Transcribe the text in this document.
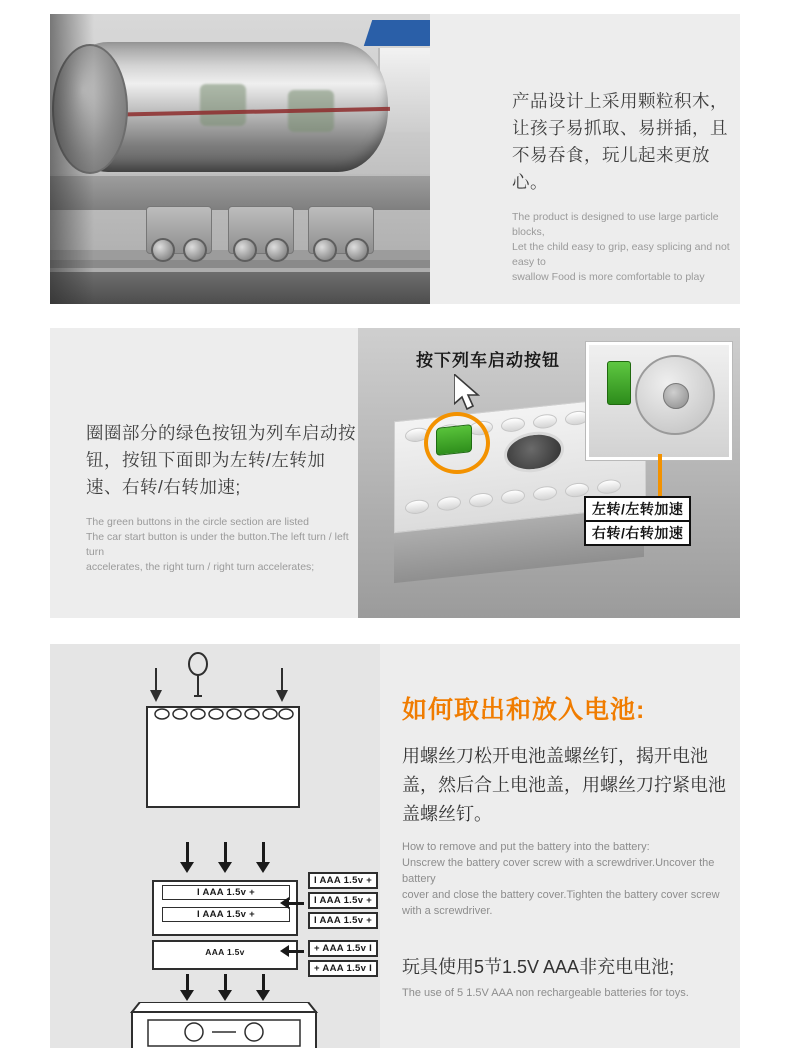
产品设计上采用颗粒积木，让孩子易抓取、易拼插，且不易吞食，玩儿起来更放心。
The product is designed to use large particle blocks,
Let the child easy to grip, easy splicing and not easy to
swallow Food is more comfortable to play
圈圈部分的绿色按钮为列车启动按钮，按钮下面即为左转/左转加速、右转/右转加速;
The green buttons in the circle section are listed
The car start button is under the button.The left turn / left turn
accelerates, the right turn / right turn accelerates;
按下列车启动按钮
左转/左转加速
右转/右转加速
I AAA 1.5v +
I AAA 1.5v +
AAA 1.5v
I AAA 1.5v +
I AAA 1.5v +
I AAA 1.5v +
+ AAA 1.5v I
+ AAA 1.5v I
如何取出和放入电池:
用螺丝刀松开电池盖螺丝钉，揭开电池盖，然后合上电池盖，用螺丝刀拧紧电池盖螺丝钉。
How to remove and put the battery into the battery:
Unscrew the battery cover screw with a screwdriver.Uncover the battery
cover and close the battery cover.Tighten the battery cover screw with a screwdriver.
玩具使用5节1.5V AAA非充电电池;
The use of 5 1.5V AAA non rechargeable batteries for toys.
